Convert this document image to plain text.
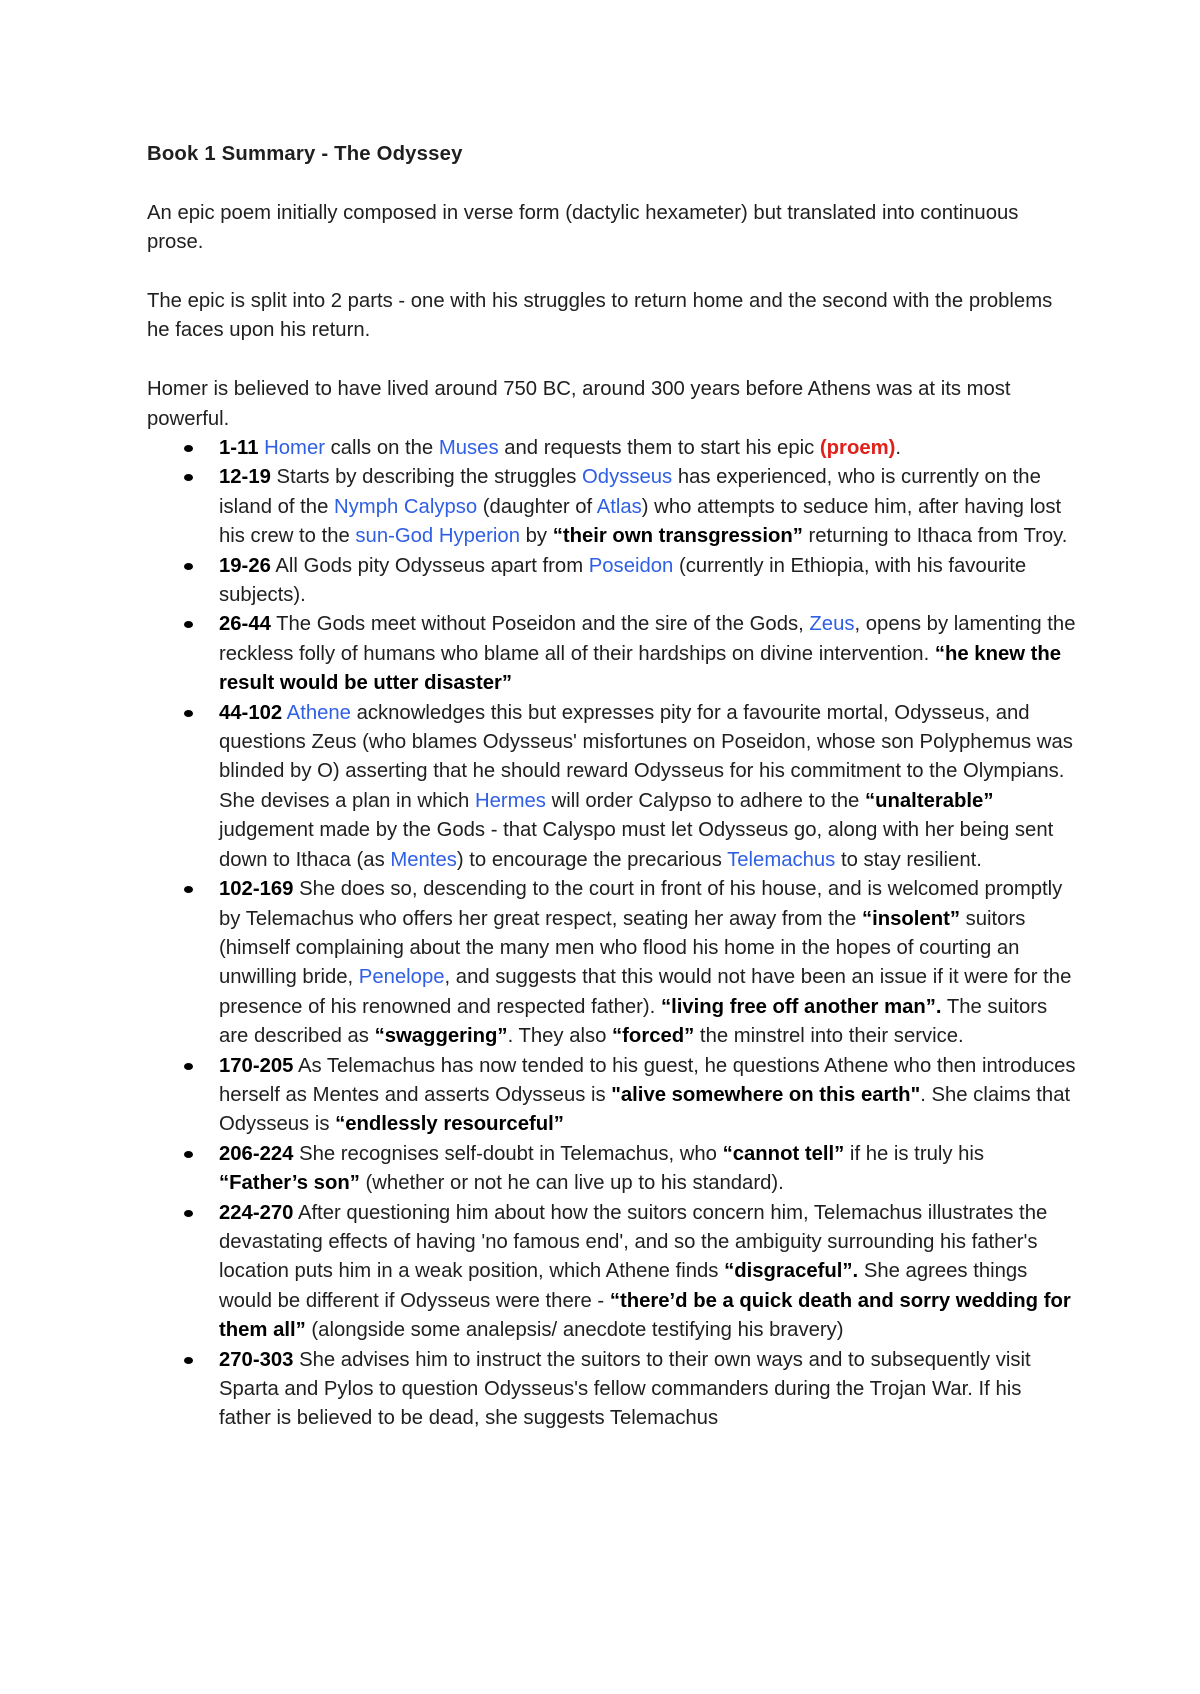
Book 1 Summary - The Odyssey
An epic poem initially composed in verse form (dactylic hexameter) but translated into continuous prose.
The epic is split into 2 parts - one with his struggles to return home and the second with the problems he faces upon his return.
Homer is believed to have lived around 750 BC, around 300 years before Athens was at its most powerful.
1-11 Homer calls on the Muses and requests them to start his epic (proem).
12-19 Starts by describing the struggles Odysseus has experienced, who is currently on the island of the Nymph Calypso (daughter of Atlas) who attempts to seduce him, after having lost his crew to the sun-God Hyperion by “their own transgression” returning to Ithaca from Troy.
19-26 All Gods pity Odysseus apart from Poseidon (currently in Ethiopia, with his favourite subjects).
26-44 The Gods meet without Poseidon and the sire of the Gods, Zeus, opens by lamenting the reckless folly of humans who blame all of their hardships on divine intervention. “he knew the result would be utter disaster”
44-102 Athene acknowledges this but expresses pity for a favourite mortal, Odysseus, and questions Zeus (who blames Odysseus' misfortunes on Poseidon, whose son Polyphemus was blinded by O) asserting that he should reward Odysseus for his commitment to the Olympians. She devises a plan in which Hermes will order Calypso to adhere to the “unalterable” judgement made by the Gods - that Calyspo must let Odysseus go, along with her being sent down to Ithaca (as Mentes) to encourage the precarious Telemachus to stay resilient.
102-169 She does so, descending to the court in front of his house, and is welcomed promptly by Telemachus who offers her great respect, seating her away from the “insolent” suitors (himself complaining about the many men who flood his home in the hopes of courting an unwilling bride, Penelope, and suggests that this would not have been an issue if it were for the presence of his renowned and respected father). “living free off another man”. The suitors are described as “swaggering”. They also “forced” the minstrel into their service.
170-205 As Telemachus has now tended to his guest, he questions Athene who then introduces herself as Mentes and asserts Odysseus is "alive somewhere on this earth". She claims that Odysseus is “endlessly resourceful”
206-224 She recognises self-doubt in Telemachus, who “cannot tell” if he is truly his “Father’s son” (whether or not he can live up to his standard).
224-270 After questioning him about how the suitors concern him, Telemachus illustrates the devastating effects of having 'no famous end', and so the ambiguity surrounding his father's location puts him in a weak position, which Athene finds “disgraceful”. She agrees things would be different if Odysseus were there - “there’d be a quick death and sorry wedding for them all” (alongside some analepsis/ anecdote testifying his bravery)
270-303 She advises him to instruct the suitors to their own ways and to subsequently visit Sparta and Pylos to question Odysseus's fellow commanders during the Trojan War. If his father is believed to be dead, she suggests Telemachus
